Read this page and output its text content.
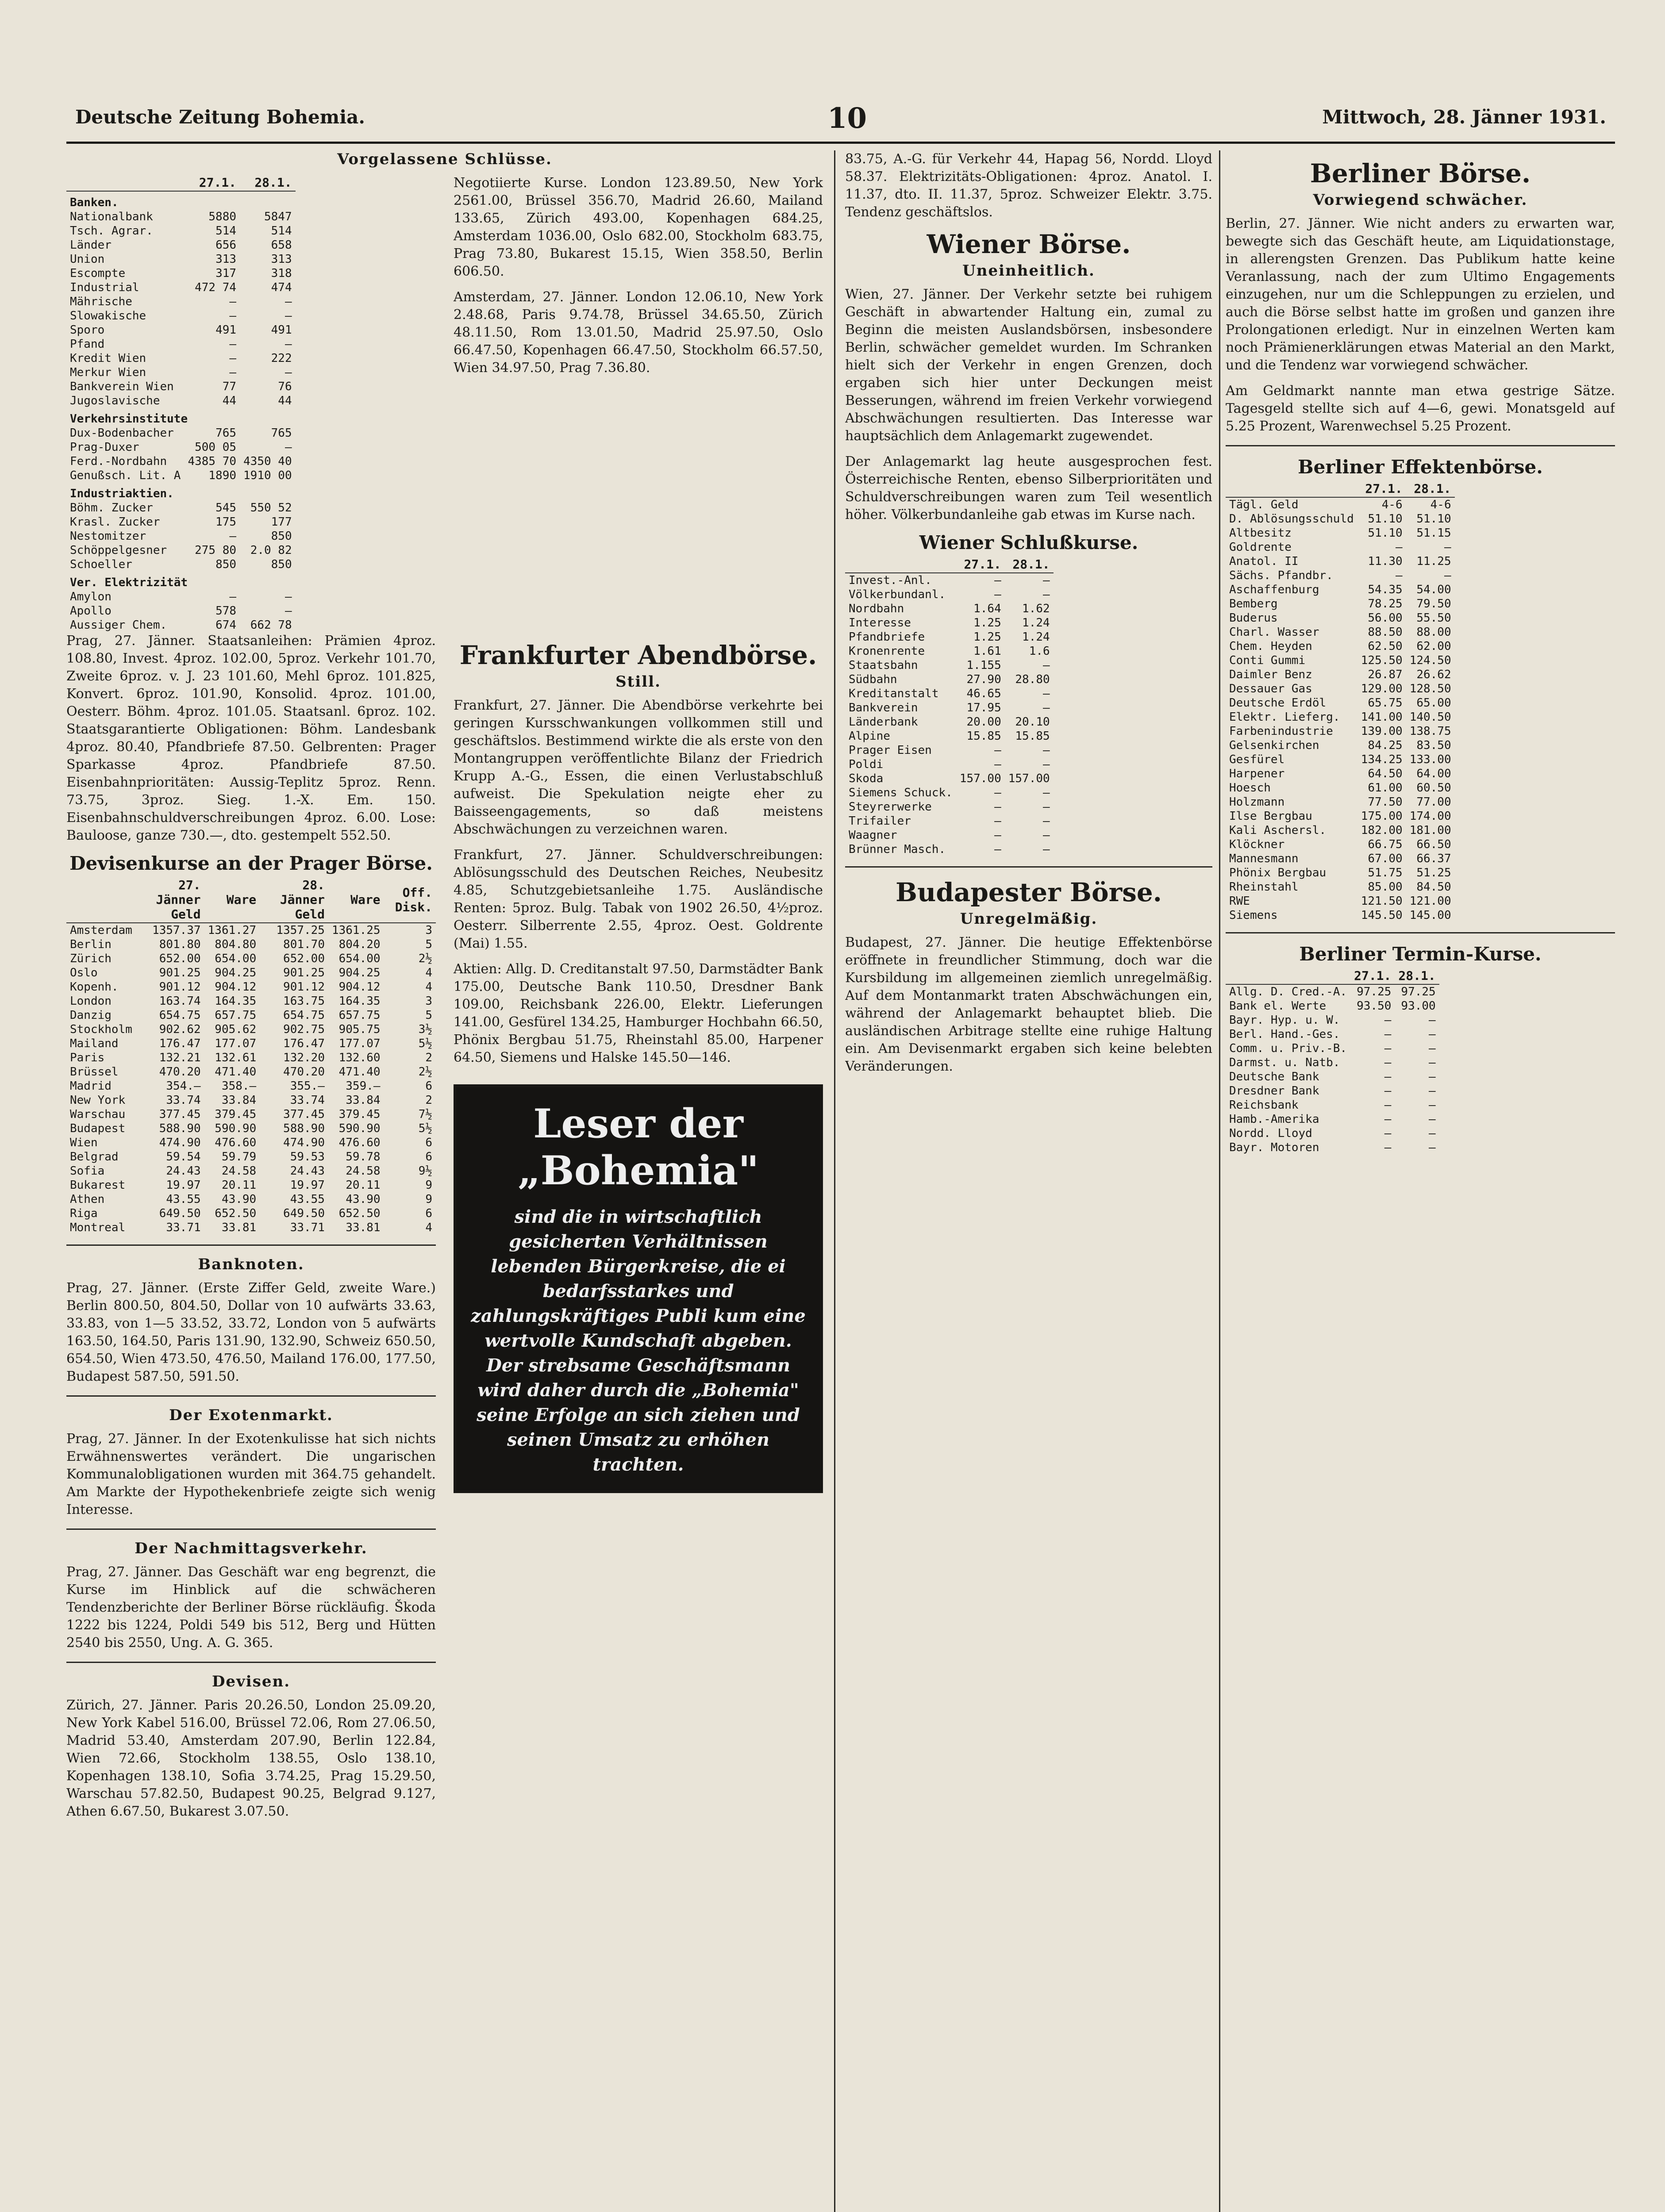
Deutsche Zeitung Bohemia.	10	Mittwoch, 28. Jänner 1931.
Vorgelassene Schlüsse.
	27.1.	28.1.
Banken.		
Nationalbank	5880	5847
Tsch. Agrar.	514	514
Länder	656	658
Union	313	313
Escompte	317	318
Industrial	472 74	474
Mährische	—	—
Slowakische	—	—
Sporo	491	491
Pfand	—	—
Kredit Wien	—	222
Merkur Wien	—	—
Bankverein Wien	77	76
Jugoslavische	44	44
Verkehrsinstitute		
Dux-Bodenbacher	765	765
Prag-Duxer	500 05	—
Ferd.-Nordbahn	4385 70	4350 40
Genußsch. Lit. A	1890	1910 00
Industriaktien.		
Böhm. Zucker	545	550 52
Krasl. Zucker	175	177
Nestomitzer	—	850
Schöppelgesner	275 80	2.0 82
Schoeller	850	850
Ver. Elektrizität		
Amylon	—	—
Apollo	578	—
Aussiger Chem.	674	662 78

Negotiierte Kurse. London 123.89.50, New York 2561.00, Brüssel 356.70, Madrid 26.60, Mailand 133.65, Zürich 493.00, Kopenhagen 684.25, Amsterdam 1036.00, Oslo 682.00, Stockholm 683.75, Prag 73.80, Bukarest 15.15, Wien 358.50, Berlin 606.50.

Amsterdam, 27. Jänner. London 12.06.10, New York 2.48.68, Paris 9.74.78, Brüssel 34.65.50, Zürich 48.11.50, Rom 13.01.50, Madrid 25.97.50, Oslo 66.47.50, Kopenhagen 66.47.50, Stockholm 66.57.50, Wien 34.97.50, Prag 7.36.80.

Prag, 27. Jänner. Staatsanleihen: Prämien 4proz. 108.80, Invest. 4proz. 102.00, 5proz. Verkehr 101.70, Zweite 6proz. v. J. 23 101.60, Mehl 6proz. 101.825, Konvert. 6proz. 101.90, Konsolid. 4proz. 101.00, Oesterr. Böhm. 4proz. 101.05. Staatsanl. 6proz. 102. Staatsgarantierte Obligationen: Böhm. Landesbank 4proz. 80.40, Pfandbriefe 87.50. Gelbrenten: Prager Sparkasse 4proz. Pfandbriefe 87.50. Eisenbahnprioritäten: Aussig-Teplitz 5proz. Renn. 73.75, 3proz. Sieg. 1.-X. Em. 150. Eisenbahnschuldverschreibungen 4proz. 6.00. Lose: Bauloose, ganze 730.—, dto. gestempelt 552.50.

Devisenkurse an der Prager Börse.
	27. Jänner Geld	Ware	28. Jänner Geld	Ware	Off. Disk.
Amsterdam	1357.37	1361.27	1357.25	1361.25	3
Berlin	801.80	804.80	801.70	804.20	5
Zürich	652.00	654.00	652.00	654.00	2½
Oslo	901.25	904.25	901.25	904.25	4
Kopenh.	901.12	904.12	901.12	904.12	4
London	163.74	164.35	163.75	164.35	3
Danzig	654.75	657.75	654.75	657.75	5
Stockholm	902.62	905.62	902.75	905.75	3½
Mailand	176.47	177.07	176.47	177.07	5½
Paris	132.21	132.61	132.20	132.60	2
Brüssel	470.20	471.40	470.20	471.40	2½
Madrid	354.—	358.—	355.—	359.—	6
New York	33.74	33.84	33.74	33.84	2
Warschau	377.45	379.45	377.45	379.45	7½
Budapest	588.90	590.90	588.90	590.90	5½
Wien	474.90	476.60	474.90	476.60	6
Belgrad	59.54	59.79	59.53	59.78	6
Sofia	24.43	24.58	24.43	24.58	9½
Bukarest	19.97	20.11	19.97	20.11	9
Athen	43.55	43.90	43.55	43.90	9
Riga	649.50	652.50	649.50	652.50	6
Montreal	33.71	33.81	33.71	33.81	4
Banknoten.

Prag, 27. Jänner. (Erste Ziffer Geld, zweite Ware.) Berlin 800.50, 804.50, Dollar von 10 aufwärts 33.63, 33.83, von 1—5 33.52, 33.72, London von 5 aufwärts 163.50, 164.50, Paris 131.90, 132.90, Schweiz 650.50, 654.50, Wien 473.50, 476.50, Mailand 176.00, 177.50, Budapest 587.50, 591.50.

Der Exotenmarkt.

Prag, 27. Jänner. In der Exotenkulisse hat sich nichts Erwähnenswertes verändert. Die ungarischen Kommunalobligationen wurden mit 364.75 gehandelt. Am Markte der Hypothekenbriefe zeigte sich wenig Interesse.

Der Nachmittagsverkehr.

Prag, 27. Jänner. Das Geschäft war eng begrenzt, die Kurse im Hinblick auf die schwächeren Tendenzberichte der Berliner Börse rückläufig. Škoda 1222 bis 1224, Poldi 549 bis 512, Berg und Hütten 2540 bis 2550, Ung. A. G. 365.

Devisen.

Zürich, 27. Jänner. Paris 20.26.50, London 25.09.20, New York Kabel 516.00, Brüssel 72.06, Rom 27.06.50, Madrid 53.40, Amsterdam 207.90, Berlin 122.84, Wien 72.66, Stockholm 138.55, Oslo 138.10, Kopenhagen 138.10, Sofia 3.74.25, Prag 15.29.50, Warschau 57.82.50, Budapest 90.25, Belgrad 9.127, Athen 6.67.50, Bukarest 3.07.50.

Frankfurter Abendbörse.
Still.

Frankfurt, 27. Jänner. Die Abendbörse verkehrte bei geringen Kursschwankungen vollkommen still und geschäftslos. Bestimmend wirkte die als erste von den Montangruppen veröffentlichte Bilanz der Friedrich Krupp A.-G., Essen, die einen Verlustabschluß aufweist. Die Spekulation neigte eher zu Baisseengagements, so daß meistens Abschwächungen zu verzeichnen waren.

Frankfurt, 27. Jänner. Schuldverschreibungen: Ablösungsschuld des Deutschen Reiches, Neubesitz 4.85, Schutzgebietsanleihe 1.75. Ausländische Renten: 5proz. Bulg. Tabak von 1902 26.50, 4½proz. Oesterr. Silberrente 2.55, 4proz. Oest. Goldrente (Mai) 1.55.

Aktien: Allg. D. Creditanstalt 97.50, Darmstädter Bank 175.00, Deutsche Bank 110.50, Dresdner Bank 109.00, Reichsbank 226.00, Elektr. Lieferungen 141.00, Gesfürel 134.25, Hamburger Hochbahn 66.50, Phönix Bergbau 51.75, Rheinstahl 85.00, Harpener 64.50, Siemens und Halske 145.50—146.

Leser der „Bohemia"
sind die in wirtschaftlich gesicherten Verhältnissen lebenden Bürgerkreise, die ei bedarfsstarkes und zahlungskräftiges Publi kum eine wertvolle Kundschaft abgeben. Der strebsame Geschäftsmann wird daher durch die „Bohemia" seine Erfolge an sich ziehen und seinen Umsatz zu erhöhen trachten.

83.75, A.-G. für Verkehr 44, Hapag 56, Nordd. Lloyd 58.37. Elektrizitäts-Obligationen: 4proz. Anatol. I. 11.37, dto. II. 11.37, 5proz. Schweizer Elektr. 3.75. Tendenz geschäftslos.

Wiener Börse.
Uneinheitlich.

Wien, 27. Jänner. Der Verkehr setzte bei ruhigem Geschäft in abwartender Haltung ein, zumal zu Beginn die meisten Auslandsbörsen, insbesondere Berlin, schwächer gemeldet wurden. Im Schranken hielt sich der Verkehr in engen Grenzen, doch ergaben sich hier unter Deckungen meist Besserungen, während im freien Verkehr vorwiegend Abschwächungen resultierten. Das Interesse war hauptsächlich dem Anlagemarkt zugewendet.

Der Anlagemarkt lag heute ausgesprochen fest. Österreichische Renten, ebenso Silberprioritäten und Schuldverschreibungen waren zum Teil wesentlich höher. Völkerbundanleihe gab etwas im Kurse nach.

Wiener Schlußkurse.
	27.1.	28.1.
Invest.-Anl.	—	—
Völkerbundanl.	—	—
Nordbahn	1.64	1.62
Interesse	1.25	1.24
Pfandbriefe	1.25	1.24
Kronenrente	1.61	1.6
Staatsbahn	1.155	—
Südbahn	27.90	28.80
Kreditanstalt	46.65	—
Bankverein	17.95	—
Länderbank	20.00	20.10
Alpine	15.85	15.85
Prager Eisen	—	—
Poldi	—	—
Skoda	157.00	157.00
Siemens Schuck.	—	—
Steyrerwerke	—	—
Trifailer	—	—
Waagner	—	—
Brünner Masch.	—	—
Budapester Börse.
Unregelmäßig.

Budapest, 27. Jänner. Die heutige Effektenbörse eröffnete in freundlicher Stimmung, doch war die Kursbildung im allgemeinen ziemlich unregelmäßig. Auf dem Montanmarkt traten Abschwächungen ein, während der Anlagemarkt behauptet blieb. Die ausländischen Arbitrage stellte eine ruhige Haltung ein. Am Devisenmarkt ergaben sich keine belebten Veränderungen.

Berliner Börse.
Vorwiegend schwächer.

Berlin, 27. Jänner. Wie nicht anders zu erwarten war, bewegte sich das Geschäft heute, am Liquidationstage, in allerengsten Grenzen. Das Publikum hatte keine Veranlassung, nach der zum Ultimo Engagements einzugehen, nur um die Schleppungen zu erzielen, und auch die Börse selbst hatte im großen und ganzen ihre Prolongationen erledigt. Nur in einzelnen Werten kam noch Prämienerklärungen etwas Material an den Markt, und die Tendenz war vorwiegend schwächer.

Am Geldmarkt nannte man etwa gestrige Sätze. Tagesgeld stellte sich auf 4—6, gewi. Monatsgeld auf 5.25 Prozent, Warenwechsel 5.25 Prozent.

Berliner Effektenbörse.
	27.1.	28.1.
Tägl. Geld	4-6	4-6
D. Ablösungsschuld	51.10	51.10
Altbesitz	51.10	51.15
Goldrente	—	—
Anatol. II	11.30	11.25
Sächs. Pfandbr.	—	—
Aschaffenburg	54.35	54.00
Bemberg	78.25	79.50
Buderus	56.00	55.50
Charl. Wasser	88.50	88.00
Chem. Heyden	62.50	62.00
Conti Gummi	125.50	124.50
Daimler Benz	26.87	26.62
Dessauer Gas	129.00	128.50
Deutsche Erdöl	65.75	65.00
Elektr. Lieferg.	141.00	140.50
Farbenindustrie	139.00	138.75
Gelsenkirchen	84.25	83.50
Gesfürel	134.25	133.00
Harpener	64.50	64.00
Hoesch	61.00	60.50
Holzmann	77.50	77.00
Ilse Bergbau	175.00	174.00
Kali Aschersl.	182.00	181.00
Klöckner	66.75	66.50
Mannesmann	67.00	66.37
Phönix Bergbau	51.75	51.25
Rheinstahl	85.00	84.50
RWE	121.50	121.00
Siemens	145.50	145.00
Berliner Termin-Kurse.
	27.1.	28.1.
Allg. D. Cred.-A.	97.25	97.25
Bank el. Werte	93.50	93.00
Bayr. Hyp. u. W.	—	—
Berl. Hand.-Ges.	—	—
Comm. u. Priv.-B.	—	—
Darmst. u. Natb.	—	—
Deutsche Bank	—	—
Dresdner Bank	—	—
Reichsbank	—	—
Hamb.-Amerika	—	—
Nordd. Lloyd	—	—
Bayr. Motoren	—	—
